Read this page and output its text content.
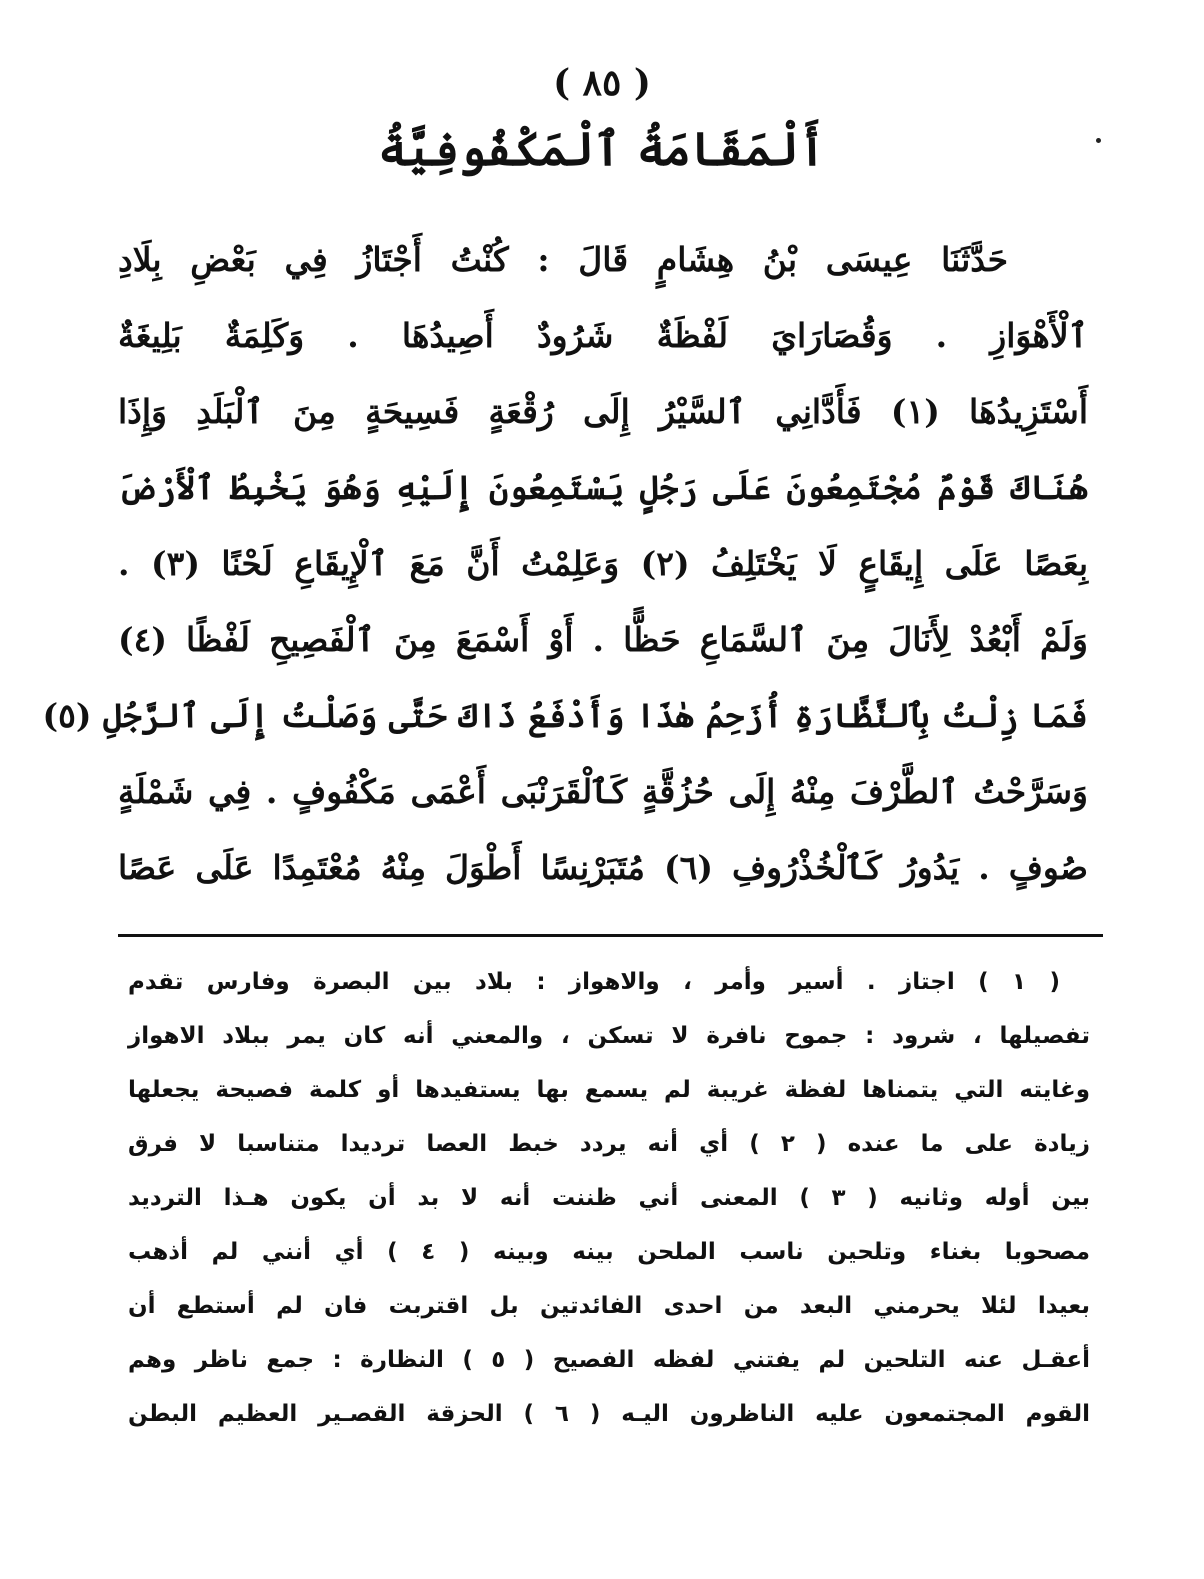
( ٨٥ )
أَلْمَقَامَةُ ٱلْمَكْفُوفِيَّةُ
حَدَّثَنَا عِيسَى بْنُ هِشَامٍ قَالَ : كُنْتُ أَجْتَازُ فِي بَعْضِ بِلَادِ
ٱلْأَهْوَازِ . وَقُصَارَايَ لَفْظَةٌ شَرُودٌ أَصِيدُهَا . وَكَلِمَةٌ بَلِيغَةٌ
أَسْتَزِيدُهَا (١) فَأَدَّانِي ٱلسَّيْرُ إِلَى رُقْعَةٍ فَسِيحَةٍ مِنَ ٱلْبَلَدِ وَإِذَا
هُنَاكَ قَوْمٌ مُجْتَمِعُونَ عَلَى رَجُلٍ يَسْتَمِعُونَ إِلَيْهِ وَهُوَ يَخْبِطُ ٱلْأَرْضَ
بِعَصًا عَلَى إِيقَاعٍ لَا يَخْتَلِفُ (٢) وَعَلِمْتُ أَنَّ مَعَ ٱلْإِيقَاعِ لَحْنًا (٣) .
وَلَمْ أَبْعُدْ لِأَنَالَ مِنَ ٱلسَّمَاعِ حَظًّا . أَوْ أَسْمَعَ مِنَ ٱلْفَصِيحِ لَفْظًا (٤)
فَمَا زِلْتُ بِٱلنَّظَّارَةِ أُزَحِمُ هٰذَا وَأَدْفَعُ ذَاكَ حَتَّى وَصَلْتُ إِلَى ٱلرَّجُلِ (٥)
وَسَرَّحْتُ ٱلطَّرْفَ مِنْهُ إِلَى حُزُقَّةٍ كَٱلْقَرَنْبَى أَعْمَى مَكْفُوفٍ . فِي شَمْلَةٍ
صُوفٍ . يَدُورُ كَٱلْخُذْرُوفِ (٦) مُتَبَرْنِسًا أَطْوَلَ مِنْهُ مُعْتَمِدًا عَلَى عَصًا
( ١ ) اجتاز . أسير وأمر ، والاهواز : بلاد بين البصرة وفارس تقدم
تفصيلها ، شرود : جموح نافرة لا تسكن ، والمعني أنه كان يمر ببلاد الاهواز
وغايته التي يتمناها لفظة غريبة لم يسمع بها يستفيدها أو كلمة فصيحة يجعلها
زيادة على ما عنده ( ٢ ) أي أنه يردد خبط العصا ترديدا متناسبا لا فرق
بين أوله وثانيه ( ٣ ) المعنى أني ظننت أنه لا بد أن يكون هـذا الترديد
مصحوبا بغناء وتلحين ناسب الملحن بينه وبينه ( ٤ ) أي أنني لم أذهب
بعيدا لئلا يحرمني البعد من احدى الفائدتين بل اقتربت فان لم أستطع أن
أعقـل عنه التلحين لم يفتني لفظه الفصيح ( ٥ ) النظارة : جمع ناظر وهم
القوم المجتمعون عليه الناظرون اليـه ( ٦ ) الحزقة القصـير العظيم البطن
